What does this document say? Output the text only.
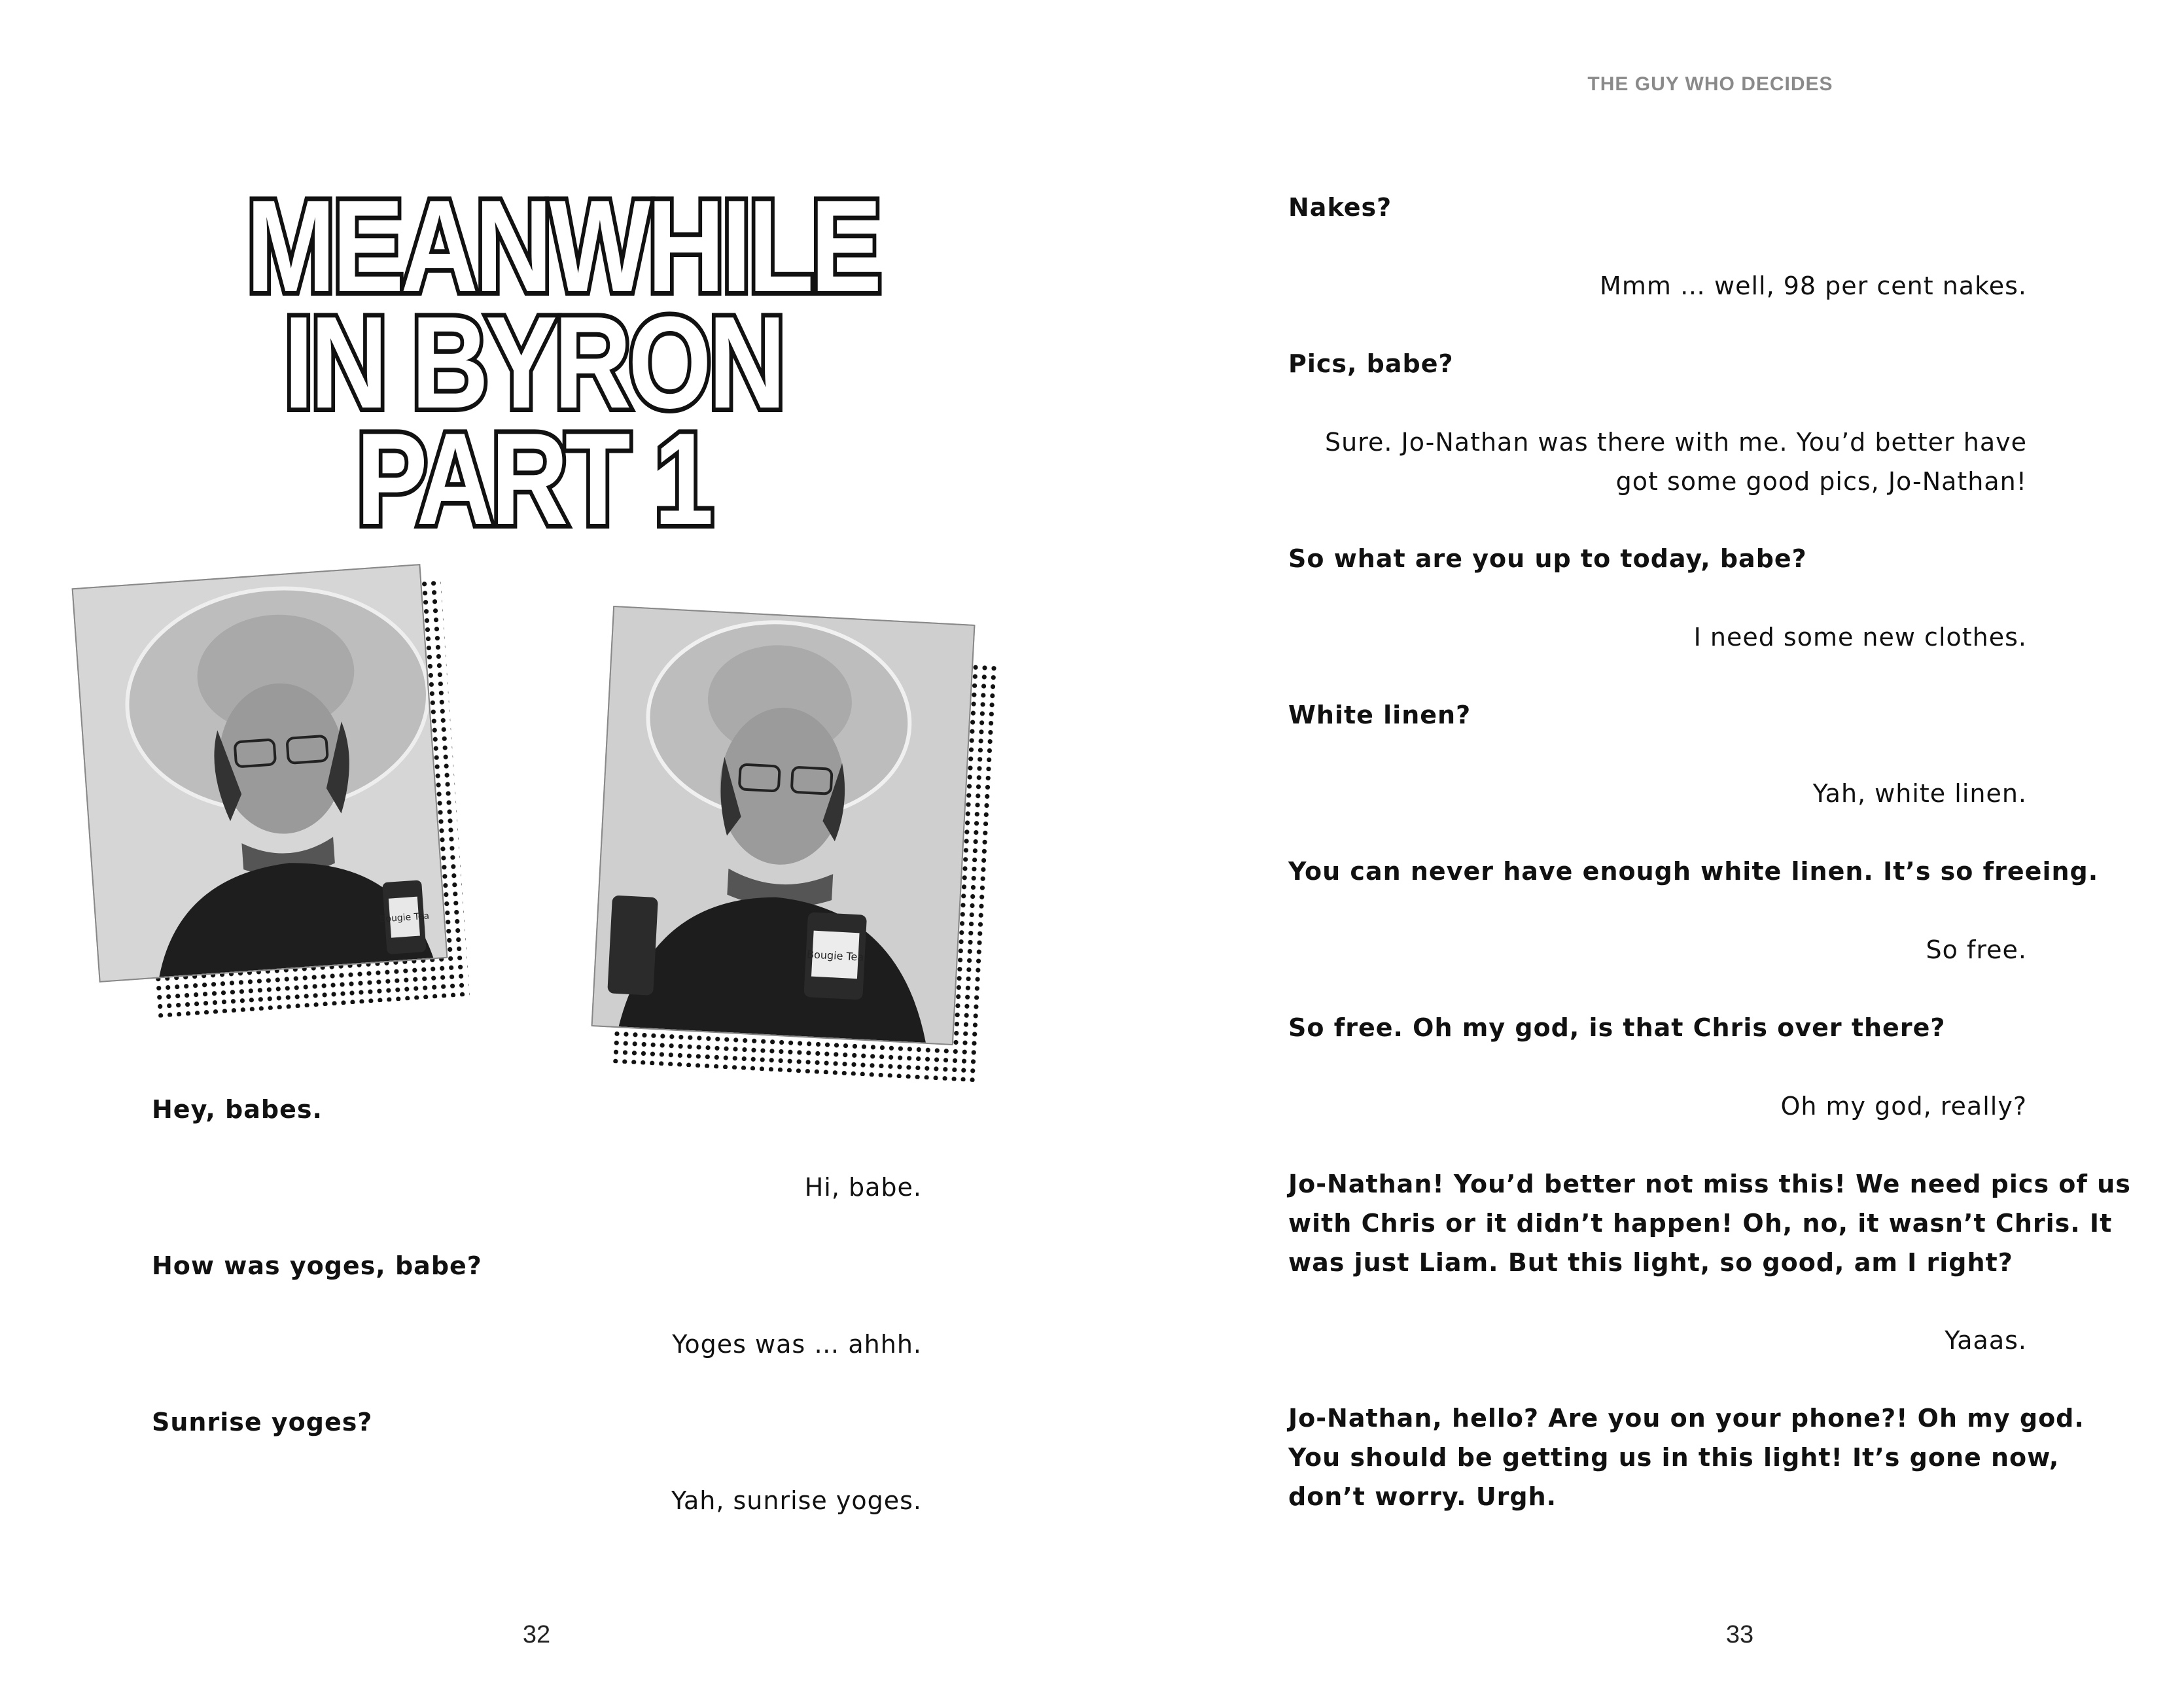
MEANWHILE
IN BYRON
PART 1
Bougie Tea
Bougie Tea
Hey, babes.
Hi, babe.
How was yoges, babe?
Yoges was … ahhh.
Sunrise yoges?
Yah, sunrise yoges.
32
THE GUY WHO DECIDES
Nakes?
Mmm … well, 98 per cent nakes.
Pics, babe?
Sure. Jo-Nathan was there with me. You’d better have
got some good pics, Jo-Nathan!
So what are you up to today, babe?
I need some new clothes.
White linen?
Yah, white linen.
You can never have enough white linen. It’s so freeing.
So free.
So free. Oh my god, is that Chris over there?
Oh my god, really?
Jo-Nathan! You’d better not miss this! We need pics of us
with Chris or it didn’t happen! Oh, no, it wasn’t Chris. It
was just Liam. But this light, so good, am I right?
Yaaas.
Jo-Nathan, hello? Are you on your phone?! Oh my god.
You should be getting us in this light! It’s gone now,
don’t worry. Urgh.
33
